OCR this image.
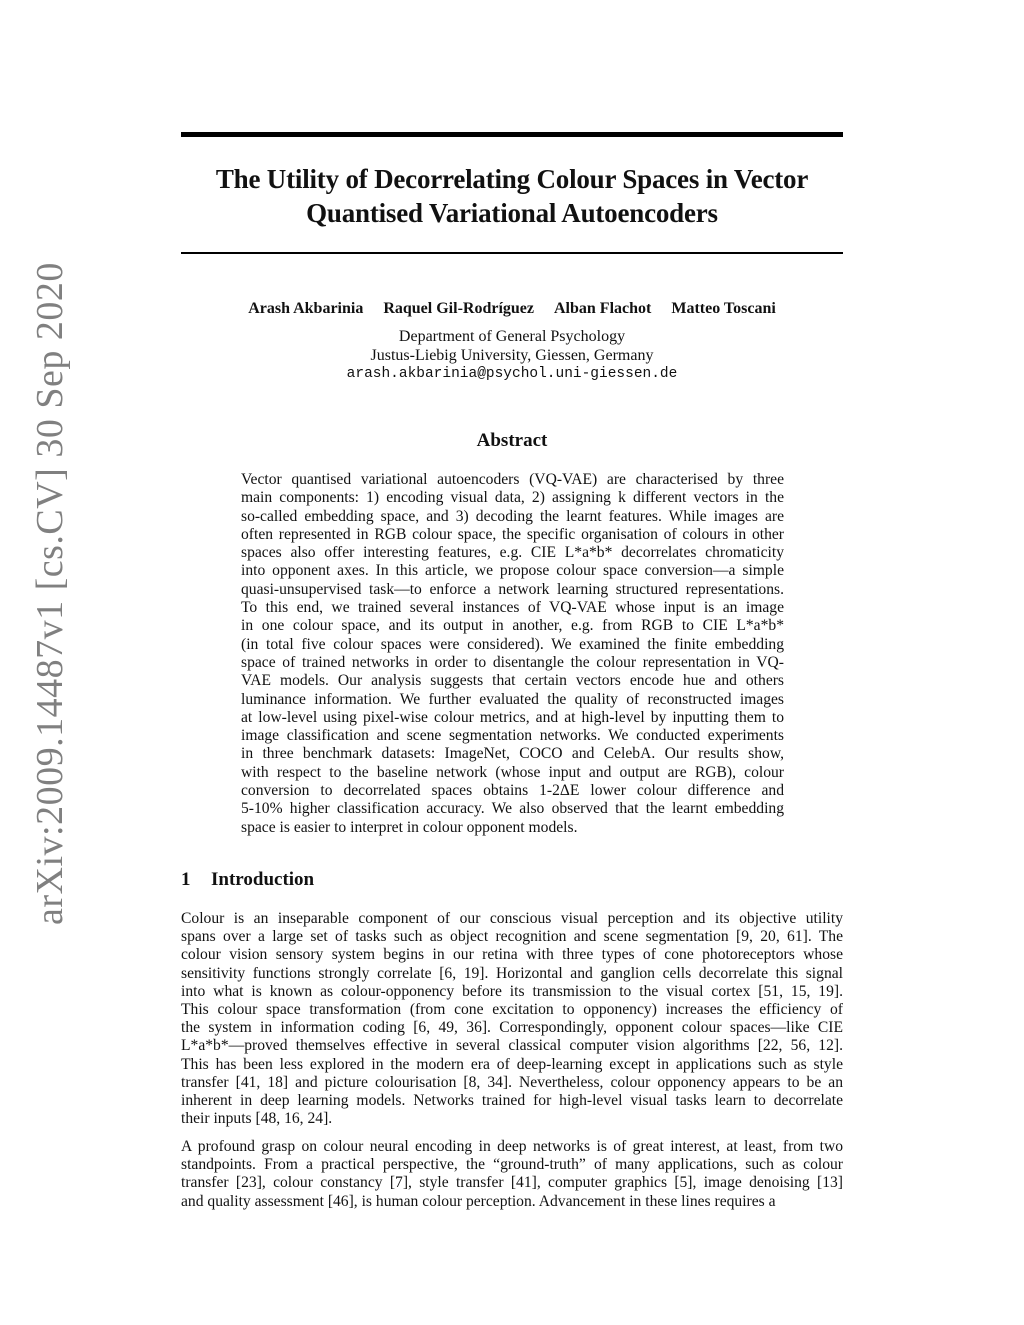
arXiv:2009.14487v1 [cs.CV] 30 Sep 2020
The Utility of Decorrelating Colour Spaces in Vector
Quantised Variational Autoencoders
Arash Akbarinia Raquel Gil-Rodríguez Alban Flachot Matteo Toscani
Department of General Psychology
Justus-Liebig University, Giessen, Germany
arash.akbarinia@psychol.uni-giessen.de
Abstract
Vector quantised variational autoencoders (VQ-VAE) are characterised by three
main components: 1) encoding visual data, 2) assigning k different vectors in the
so-called embedding space, and 3) decoding the learnt features. While images are
often represented in RGB colour space, the specific organisation of colours in other
spaces also offer interesting features, e.g. CIE L*a*b* decorrelates chromaticity
into opponent axes. In this article, we propose colour space conversion—a simple
quasi-unsupervised task—to enforce a network learning structured representations.
To this end, we trained several instances of VQ-VAE whose input is an image
in one colour space, and its output in another, e.g. from RGB to CIE L*a*b*
(in total five colour spaces were considered). We examined the finite embedding
space of trained networks in order to disentangle the colour representation in VQ-
VAE models. Our analysis suggests that certain vectors encode hue and others
luminance information. We further evaluated the quality of reconstructed images
at low-level using pixel-wise colour metrics, and at high-level by inputting them to
image classification and scene segmentation networks. We conducted experiments
in three benchmark datasets: ImageNet, COCO and CelebA. Our results show,
with respect to the baseline network (whose input and output are RGB), colour
conversion to decorrelated spaces obtains 1-2ΔE lower colour difference and
5-10% higher classification accuracy. We also observed that the learnt embedding
space is easier to interpret in colour opponent models.
1 Introduction
Colour is an inseparable component of our conscious visual perception and its objective utility
spans over a large set of tasks such as object recognition and scene segmentation [9, 20, 61]. The
colour vision sensory system begins in our retina with three types of cone photoreceptors whose
sensitivity functions strongly correlate [6, 19]. Horizontal and ganglion cells decorrelate this signal
into what is known as colour-opponency before its transmission to the visual cortex [51, 15, 19].
This colour space transformation (from cone excitation to opponency) increases the efficiency of
the system in information coding [6, 49, 36]. Correspondingly, opponent colour spaces—like CIE
L*a*b*—proved themselves effective in several classical computer vision algorithms [22, 56, 12].
This has been less explored in the modern era of deep-learning except in applications such as style
transfer [41, 18] and picture colourisation [8, 34]. Nevertheless, colour opponency appears to be an
inherent in deep learning models. Networks trained for high-level visual tasks learn to decorrelate
their inputs [48, 16, 24].
A profound grasp on colour neural encoding in deep networks is of great interest, at least, from two
standpoints. From a practical perspective, the “ground-truth” of many applications, such as colour
transfer [23], colour constancy [7], style transfer [41], computer graphics [5], image denoising [13]
and quality assessment [46], is human colour perception. Advancement in these lines requires a
